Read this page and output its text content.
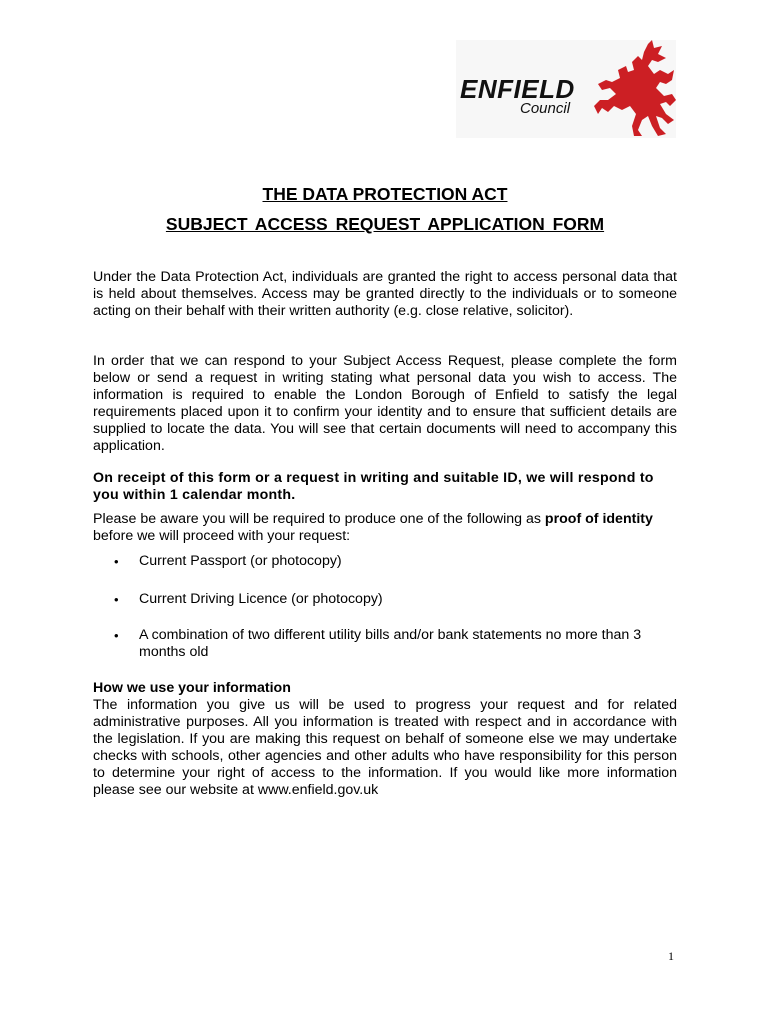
ENFIELD
Council
THE DATA PROTECTION ACT
SUBJECT ACCESS REQUEST APPLICATION FORM

Under the Data Protection Act, individuals are granted the right to access personal data that is held about themselves. Access may be granted directly to the individuals or to someone acting on their behalf with their written authority (e.g. close relative, solicitor).

In order that we can respond to your Subject Access Request, please complete the form below or send a request in writing stating what personal data you wish to access. The information is required to enable the London Borough of Enfield to satisfy the legal requirements placed upon it to confirm your identity and to ensure that sufficient details are supplied to locate the data. You will see that certain documents will need to accompany this application.

On receipt of this form or a request in writing and suitable ID, we will respond to you within 1 calendar month.

Please be aware you will be required to produce one of the following as proof of identity before we will proceed with your request:

• Current Passport (or photocopy)
• Current Driving Licence (or photocopy)
• A combination of two different utility bills and/or bank statements no more than 3 months old
How we use your information

The information you give us will be used to progress your request and for related administrative purposes. All you information is treated with respect and in accordance with the legislation. If you are making this request on behalf of someone else we may undertake checks with schools, other agencies and other adults who have responsibility for this person to determine your right of access to the information. If you would like more information please see our website at www.enfield.gov.uk

1
